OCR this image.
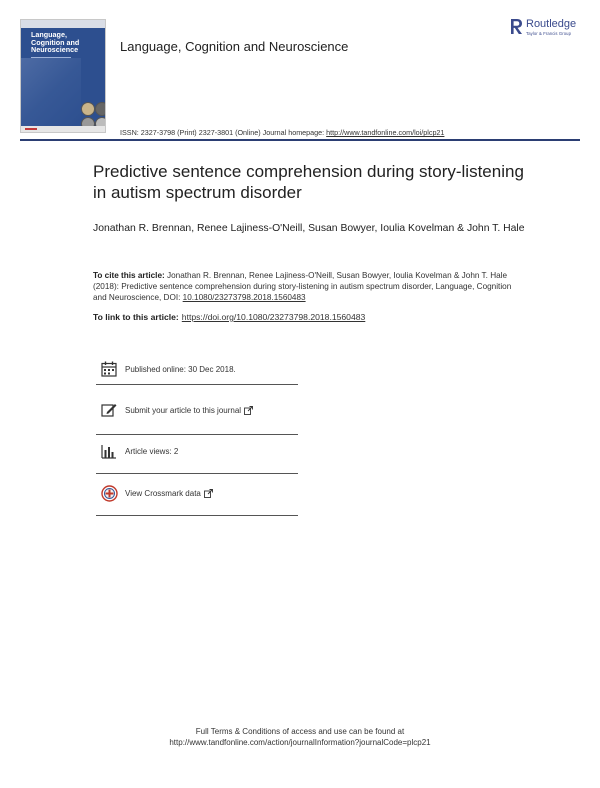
Language,
Cognition and
Neuroscience	Language, Cognition and Neuroscience
Routledge
Taylor & Francis Group
ISSN: 2327-3798 (Print) 2327-3801 (Online) Journal homepage: http://www.tandfonline.com/loi/plcp21
Predictive sentence comprehension during story-listening in autism spectrum disorder
Jonathan R. Brennan, Renee Lajiness-O'Neill, Susan Bowyer, Ioulia Kovelman & John T. Hale
To cite this article: Jonathan R. Brennan, Renee Lajiness-O'Neill, Susan Bowyer, Ioulia Kovelman & John T. Hale (2018): Predictive sentence comprehension during story-listening in autism spectrum disorder, Language, Cognition and Neuroscience, DOI: 10.1080/23273798.2018.1560483
To link to this article: https://doi.org/10.1080/23273798.2018.1560483
Published online: 30 Dec 2018.
Submit your article to this journal
Article views: 2
View Crossmark data
Full Terms & Conditions of access and use can be found at
http://www.tandfonline.com/action/journalInformation?journalCode=plcp21
